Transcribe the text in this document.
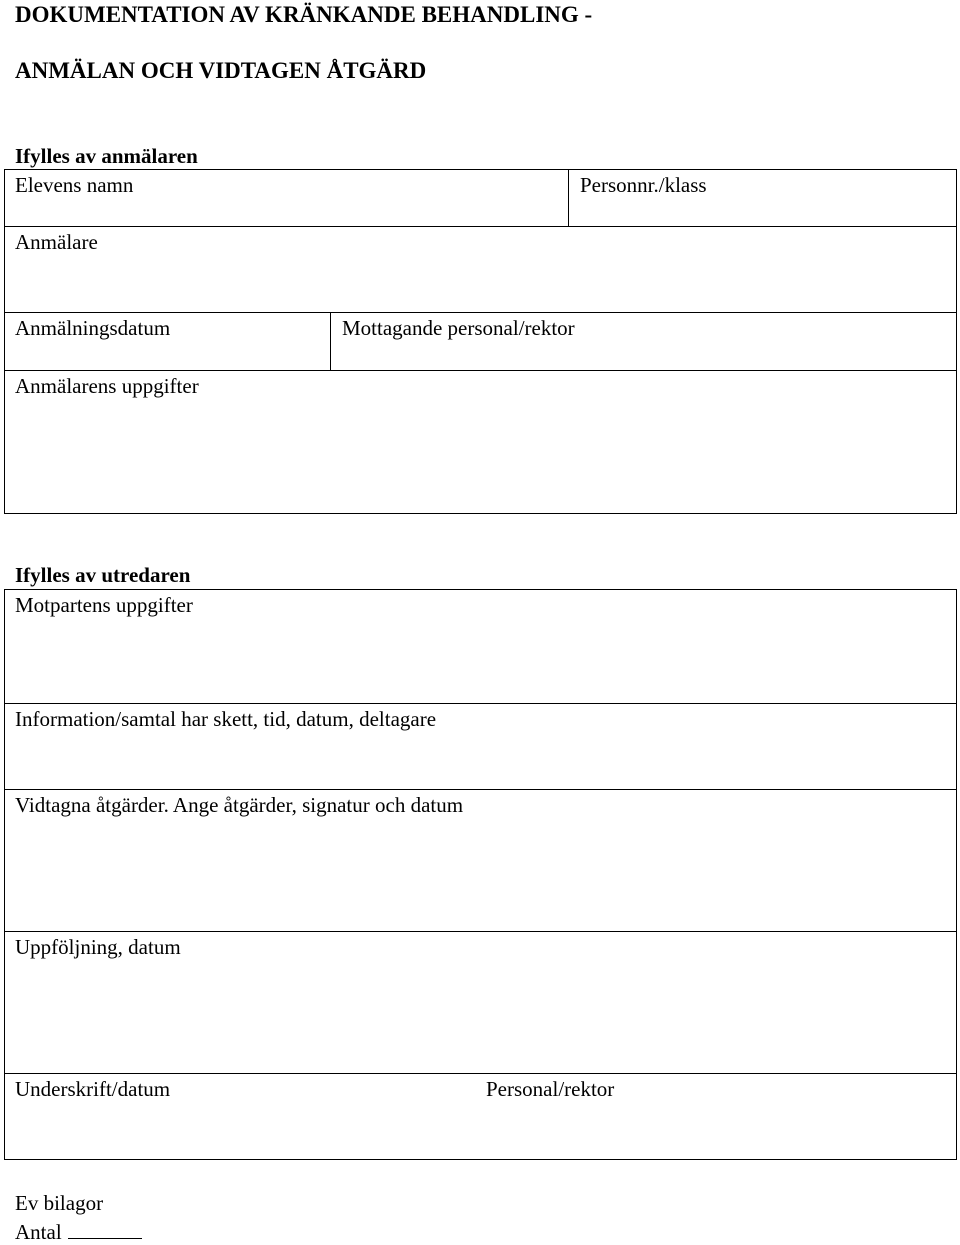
DOKUMENTATION AV KRÄNKANDE BEHANDLING -
ANMÄLAN OCH VIDTAGEN ÅTGÄRD
Ifylles av anmälaren
Elevens namn	Personnr./klass
Anmälare
Anmälningsdatum	Mottagande personal/rektor
Anmälarens uppgifter
Ifylles av utredaren
Motpartens uppgifter
Information/samtal har skett, tid, datum, deltagare
Vidtagna åtgärder. Ange åtgärder, signatur och datum
Uppföljning, datum
Underskrift/datum	Personal/rektor
Ev bilagor
Antal
